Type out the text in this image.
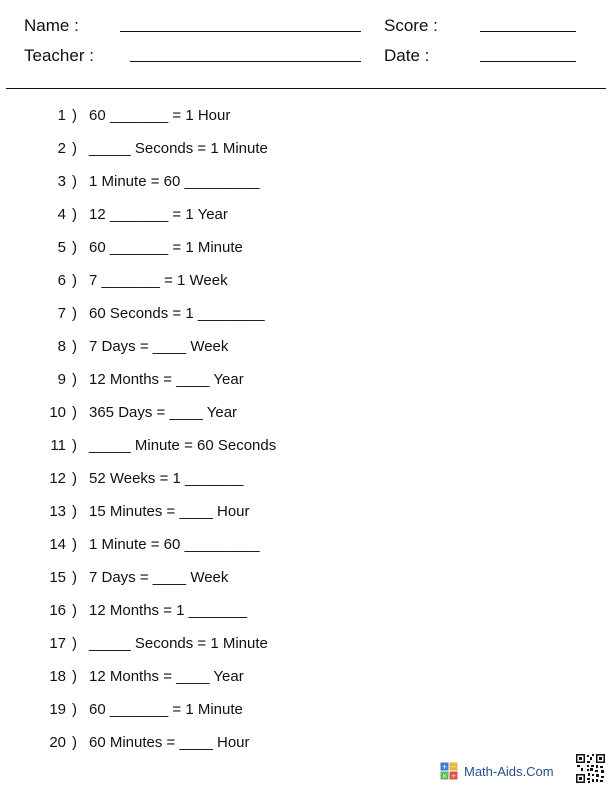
Name :
Teacher :
Score :
Date :
1 ) 60 _______ = 1 Hour
2 ) _____ Seconds = 1 Minute
3 ) 1 Minute = 60 _________
4 ) 12 _______ = 1 Year
5 ) 60 _______ = 1 Minute
6 ) 7 _______ = 1 Week
7 ) 60 Seconds = 1 ________
8 ) 7 Days = ____ Week
9 ) 12 Months = ____ Year
10 ) 365 Days = ____ Year
11 ) _____ Minute = 60 Seconds
12 ) 52 Weeks = 1 _______
13 ) 15 Minutes = ____ Hour
14 ) 1 Minute = 60 _________
15 ) 7 Days = ____ Week
16 ) 12 Months = 1 _______
17 ) _____ Seconds = 1 Minute
18 ) 12 Months = ____ Year
19 ) 60 _______ = 1 Minute
20 ) 60 Minutes = ____ Hour
+ −
× ÷ Math-Aids.Com
